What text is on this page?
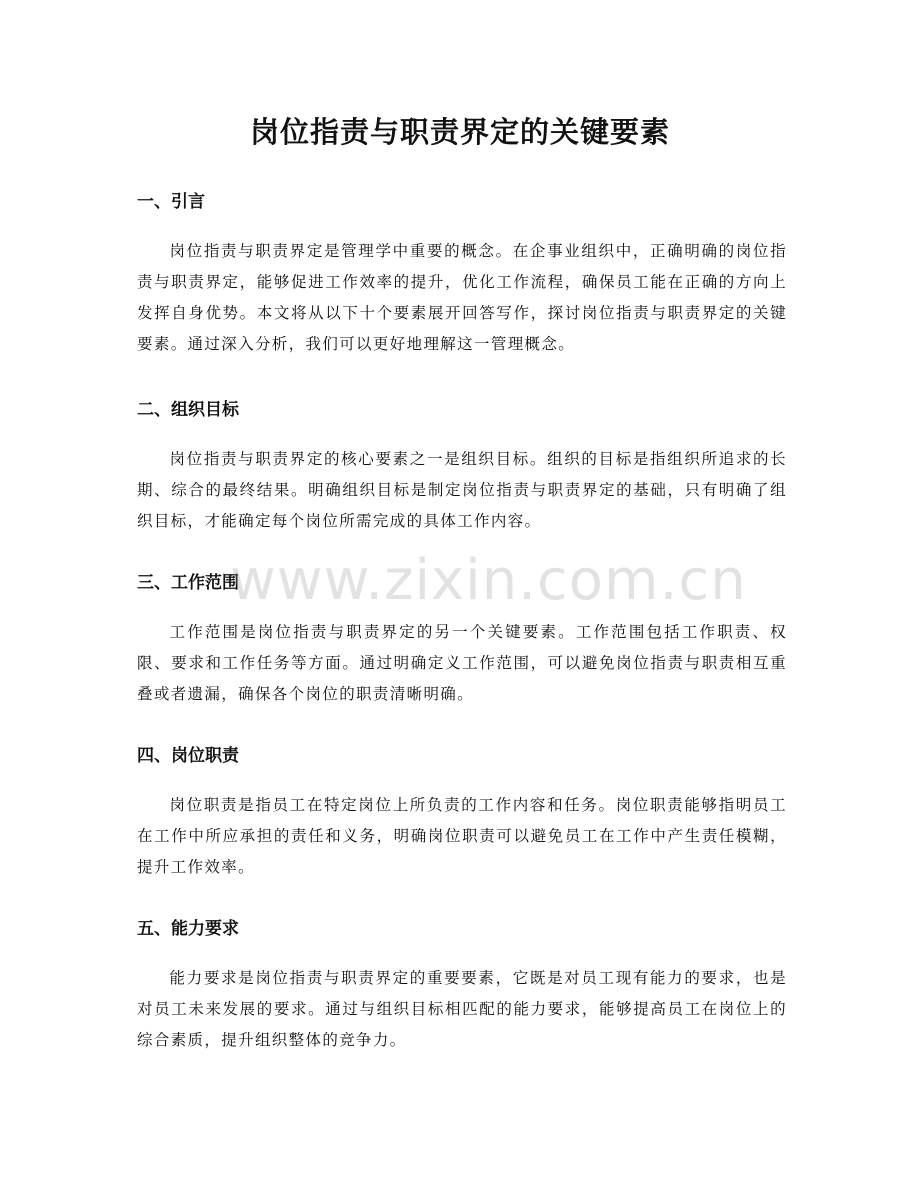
岗位指责与职责界定的关键要素
一、引言

岗位指责与职责界定是管理学中重要的概念。在企事业组织中，正确明确的岗位指责与职责界定，能够促进工作效率的提升，优化工作流程，确保员工能在正确的方向上发挥自身优势。本文将从以下十个要素展开回答写作，探讨岗位指责与职责界定的关键要素。通过深入分析，我们可以更好地理解这一管理概念。

二、组织目标

岗位指责与职责界定的核心要素之一是组织目标。组织的目标是指组织所追求的长期、综合的最终结果。明确组织目标是制定岗位指责与职责界定的基础，只有明确了组织目标，才能确定每个岗位所需完成的具体工作内容。

三、工作范围

工作范围是岗位指责与职责界定的另一个关键要素。工作范围包括工作职责、权限、要求和工作任务等方面。通过明确定义工作范围，可以避免岗位指责与职责相互重叠或者遗漏，确保各个岗位的职责清晰明确。

四、岗位职责

岗位职责是指员工在特定岗位上所负责的工作内容和任务。岗位职责能够指明员工在工作中所应承担的责任和义务，明确岗位职责可以避免员工在工作中产生责任模糊，提升工作效率。

五、能力要求

能力要求是岗位指责与职责界定的重要要素，它既是对员工现有能力的要求，也是对员工未来发展的要求。通过与组织目标相匹配的能力要求，能够提高员工在岗位上的综合素质，提升组织整体的竞争力。

www.zixin.com.cn
